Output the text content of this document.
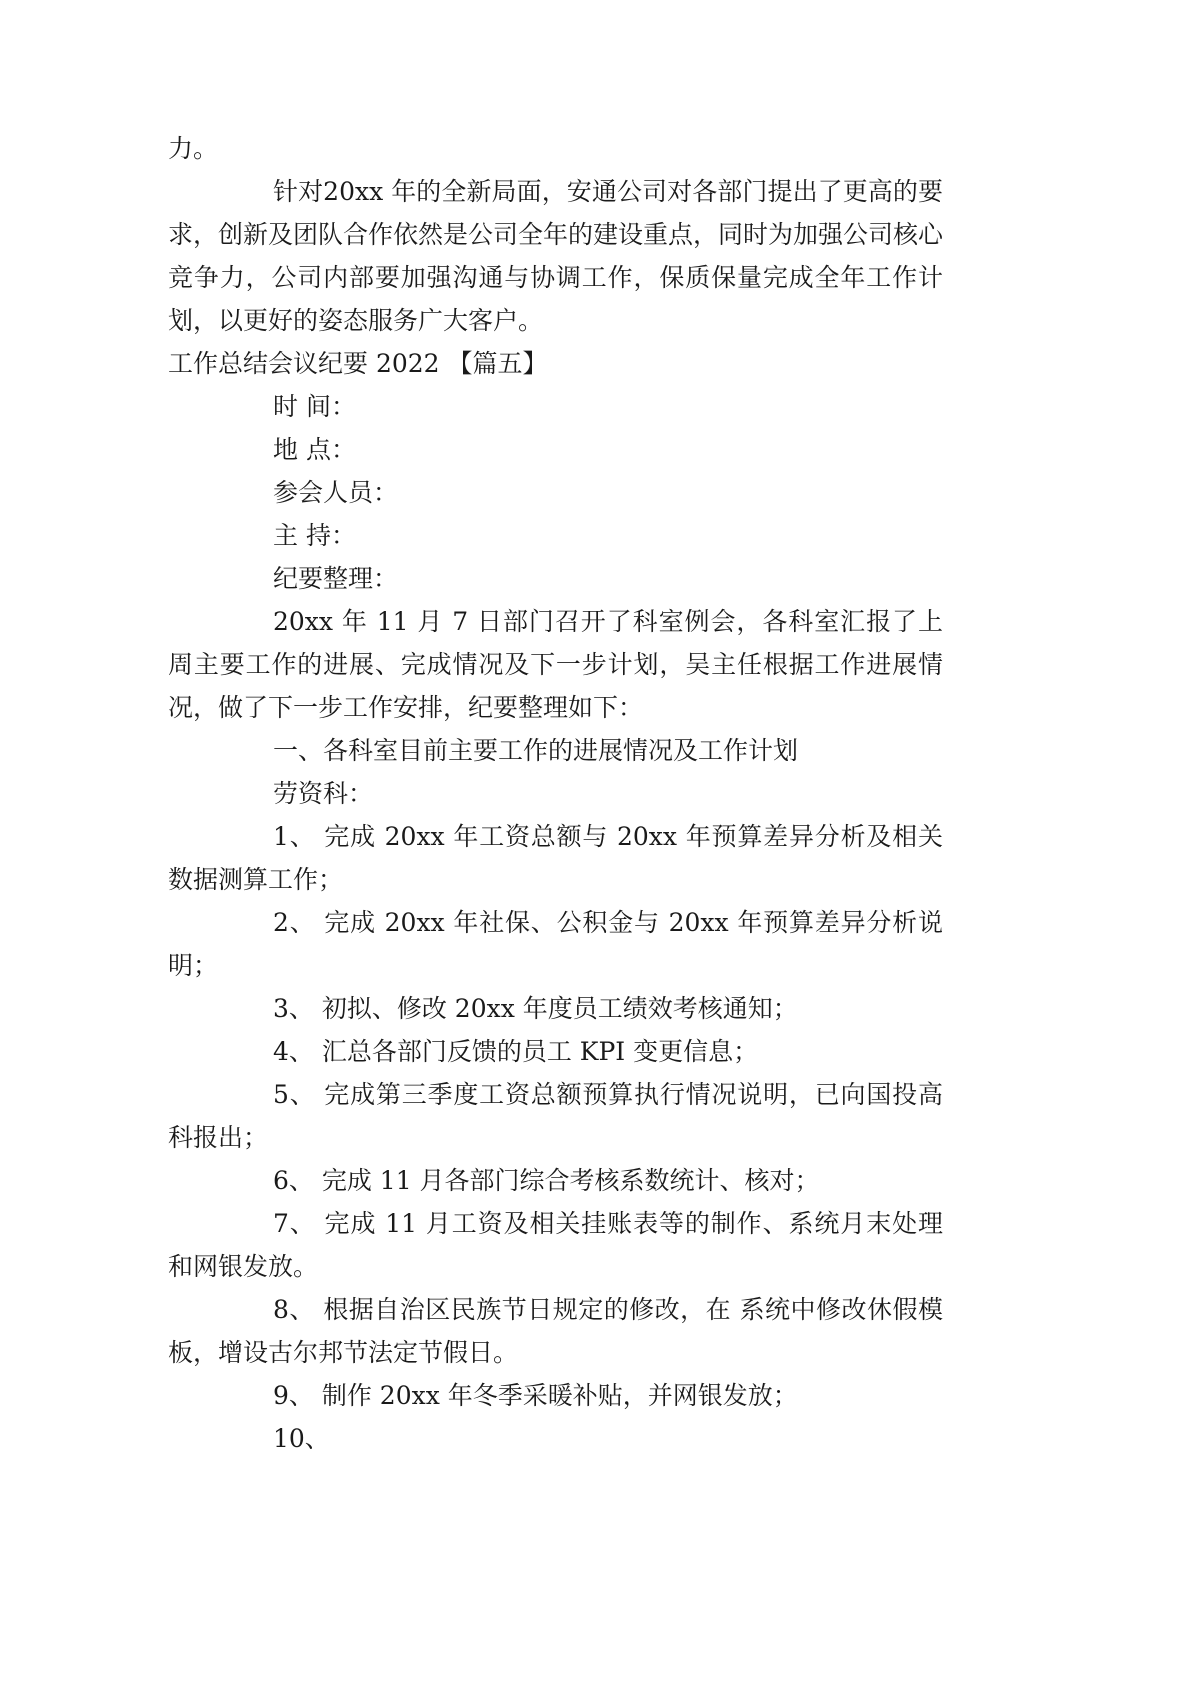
力。

针对20xx 年的全新局面，安通公司对各部门提出了更高的要求，创新及团队合作依然是公司全年的建设重点，同时为加强公司核心竞争力，公司内部要加强沟通与协调工作，保质保量完成全年工作计划，以更好的姿态服务广大客户。

工作总结会议纪要 2022 【篇五】

时 间：

地 点：

参会人员：

主 持：

纪要整理：

20xx 年 11 月 7 日部门召开了科室例会，各科室汇报了上周主要工作的进展、完成情况及下一步计划，吴主任根据工作进展情况，做了下一步工作安排，纪要整理如下：

一、各科室目前主要工作的进展情况及工作计划

劳资科：

1、 完成 20xx 年工资总额与 20xx 年预算差异分析及相关数据测算工作；

2、 完成 20xx 年社保、公积金与 20xx 年预算差异分析说明；

3、 初拟、修改 20xx 年度员工绩效考核通知；

4、 汇总各部门反馈的员工 KPI 变更信息；

5、 完成第三季度工资总额预算执行情况说明，已向国投高科报出；

6、 完成 11 月各部门综合考核系数统计、核对；

7、 完成 11 月工资及相关挂账表等的制作、系统月末处理和网银发放。

8、 根据自治区民族节日规定的修改，在 系统中修改休假模板，增设古尔邦节法定节假日。

9、 制作 20xx 年冬季采暖补贴，并网银发放；

10、
